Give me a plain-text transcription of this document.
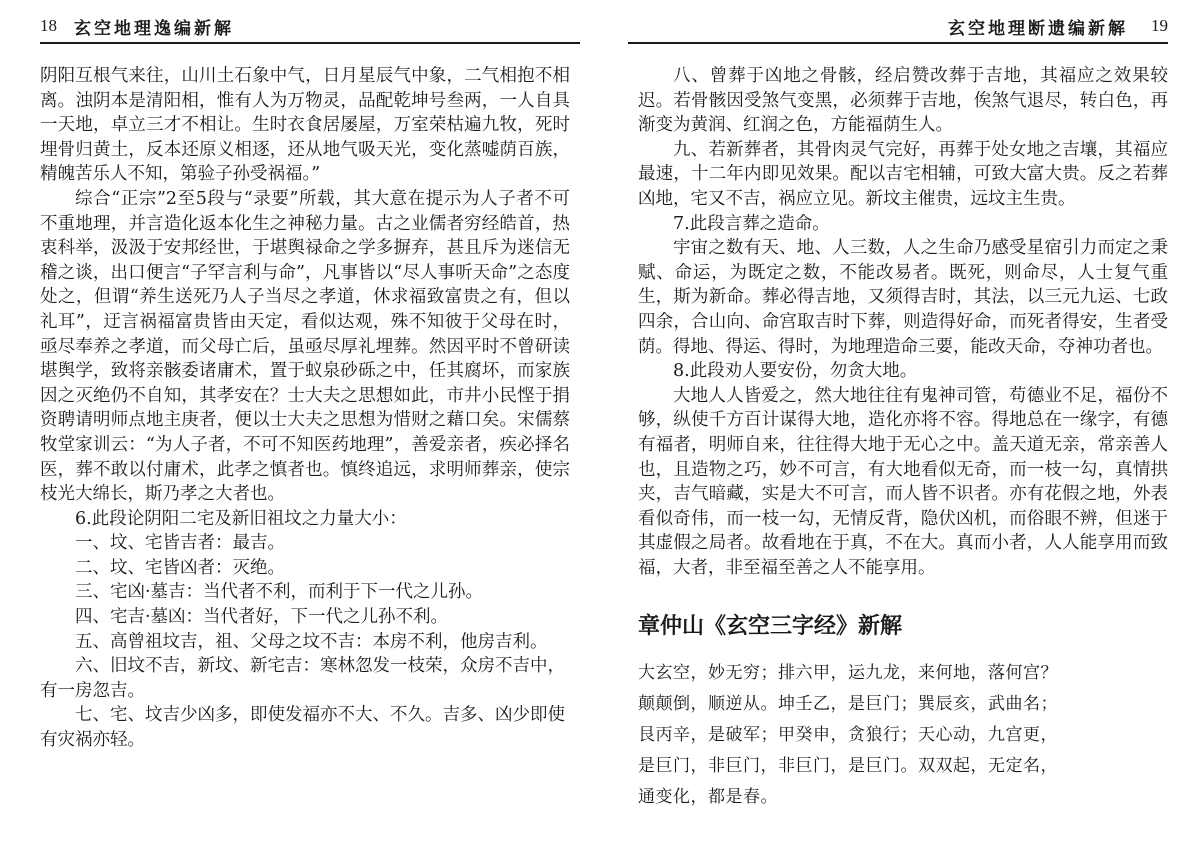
18 玄空地理逸编新解

阴阳互根气来往，山川土石象中气，日月星辰气中象，二气相抱不相离。浊阴本是清阳相，惟有人为万物灵，品配乾坤号叁两，一人自具一天地，卓立三才不相让。生时衣食居屡屋，万室荣枯遍九牧，死时埋骨归黄土，反本还原义相逐，还从地气吸天光，变化蒸嘘荫百族，精魄苦乐人不知，第验子孙受祸福。”

综合“正宗”2至5段与“录要”所载，其大意在提示为人子者不可不重地理，并言造化返本化生之神秘力量。古之业儒者穷经皓首，热衷科举，汲汲于安邦经世，于堪舆禄命之学多摒弃，甚且斥为迷信无稽之谈，出口便言“子罕言利与命”，凡事皆以“尽人事听天命”之态度处之，但谓“养生送死乃人子当尽之孝道，休求福致富贵之有，但以礼耳”，迂言祸福富贵皆由天定，看似达观，殊不知彼于父母在时，亟尽奉养之孝道，而父母亡后，虽亟尽厚礼埋葬。然因平时不曾研读堪舆学，致将亲骸委诸庸术，置于蚁泉砂砾之中，任其腐坏，而家族因之灭绝仍不自知，其孝安在？士大夫之思想如此，市井小民悭于捐资聘请明师点地主庚者，便以士大夫之思想为惜财之藉口矣。宋儒蔡牧堂家训云：“为人子者，不可不知医药地理”，善爱亲者，疾必择名医，葬不敢以付庸术，此孝之慎者也。慎终追远，求明师葬亲，使宗枝光大绵长，斯乃孝之大者也。

6.此段论阴阳二宅及新旧祖坟之力量大小：

一、坟、宅皆吉者：最吉。

二、坟、宅皆凶者：灭绝。

三、宅凶·墓吉：当代者不利，而利于下一代之儿孙。

四、宅吉·墓凶：当代者好，下一代之儿孙不利。

五、高曾祖坟吉，祖、父母之坟不吉：本房不利，他房吉利。

六、旧坟不吉，新坟、新宅吉：寒林忽发一枝荣，众房不吉中，有一房忽吉。

七、宅、坟吉少凶多，即使发福亦不大、不久。吉多、凶少即使有灾祸亦轻。

玄空地理断遗编新解 19

八、曾葬于凶地之骨骸，经启赞改葬于吉地，其福应之效果较迟。若骨骸因受煞气变黑，必须葬于吉地，俟煞气退尽，转白色，再渐变为黄润、红润之色，方能福荫生人。

九、若新葬者，其骨肉灵气完好，再葬于处女地之吉壤，其福应最速，十二年内即见效果。配以吉宅相辅，可致大富大贵。反之若葬凶地，宅又不吉，祸应立见。新坟主催贵，远坟主生贵。

7.此段言葬之造命。

宇宙之数有天、地、人三数，人之生命乃感受星宿引力而定之秉赋、命运，为既定之数，不能改易者。既死，则命尽，人士复气重生，斯为新命。葬必得吉地，又须得吉时，其法，以三元九运、七政四余，合山向、命宫取吉时下葬，则造得好命，而死者得安，生者受荫。得地、得运、得时，为地理造命三要，能改天命，夺神功者也。

8.此段劝人要安份，勿贪大地。

大地人人皆爱之，然大地往往有鬼神司管，苟德业不足，福份不够，纵使千方百计谋得大地，造化亦将不容。得地总在一缘字，有德有福者，明师自来，往往得大地于无心之中。盖天道无亲，常亲善人也，且造物之巧，妙不可言，有大地看似无奇，而一枝一勾，真情拱夹，吉气暗藏，实是大不可言，而人皆不识者。亦有花假之地，外表看似奇伟，而一枝一勾，无情反背，隐伏凶机，而俗眼不辨，但迷于其虚假之局者。故看地在于真，不在大。真而小者，人人能享用而致福，大者，非至福至善之人不能享用。

章仲山《玄空三字经》新解

大玄空，妙无穷；排六甲，运九龙，来何地，落何宫？

颠颠倒，顺逆从。坤壬乙，是巨门；巽辰亥，武曲名；

艮丙辛，是破军；甲癸申，贪狼行；天心动，九宫更，

是巨门，非巨门，非巨门，是巨门。双双起，无定名，

通变化，都是春。
